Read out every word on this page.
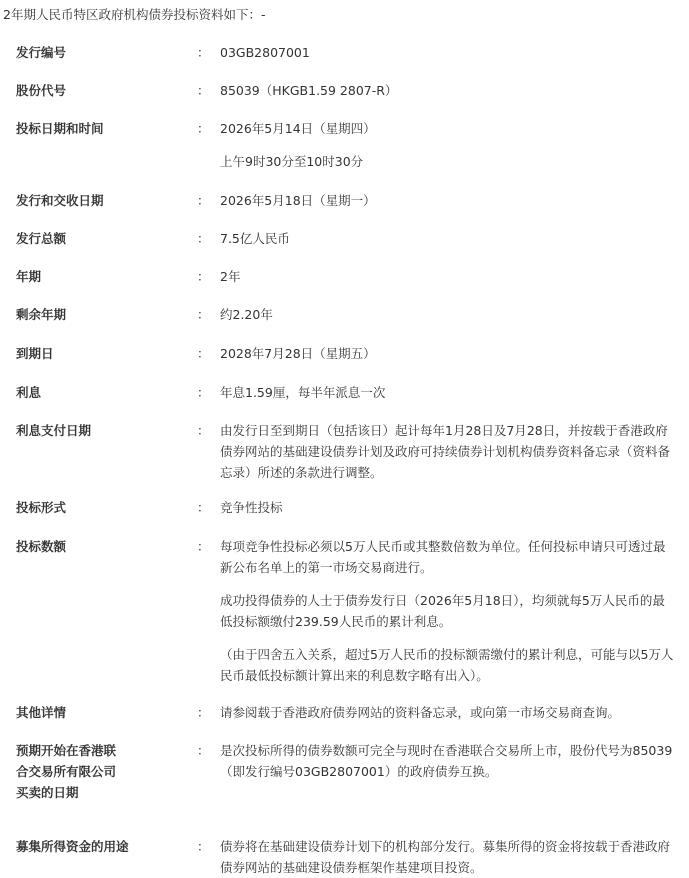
2年期人民币特区政府机构债券投标资料如下：-

发行编号	： 03GB2807001

股份代号	： 85039（HKGB1.59 2807-R）

投标日期和时间	： 2026年5月14日（星期四）

上午9时30分至10时30分

发行和交收日期	： 2026年5月18日（星期一）

发行总额	： 7.5亿人民币

年期	： 2年

剩余年期	： 约2.20年

到期日	： 2028年7月28日（星期五）

利息	： 年息1.59厘，每半年派息一次

利息支付日期	： 由发行日至到期日（包括该日）起计每年1月28日及7月28日，并按载于香港政府债券网站的基础建设债券计划及政府可持续债券计划机构债券资料备忘录（资料备忘录）所述的条款进行调整。

投标形式	： 竞争性投标

投标数额	： 每项竞争性投标必须以5万人民币或其整数倍数为单位。任何投标申请只可透过最新公布名单上的第一市场交易商进行。

成功投得债券的人士于债券发行日（2026年5月18日），均须就每5万人民币的最低投标额缴付239.59人民币的累计利息。

（由于四舍五入关系，超过5万人民币的投标额需缴付的累计利息，可能与以5万人民币最低投标额计算出来的利息数字略有出入）。

其他详情	： 请参阅载于香港政府债券网站的资料备忘录，或向第一市场交易商查询。

预期开始在香港联合交易所有限公司买卖的日期
： 是次投标所得的债券数额可完全与现时在香港联合交易所上市，股份代号为85039（即发行编号03GB2807001）的政府债券互换。

募集所得资金的用途	： 债券将在基础建设债券计划下的机构部分发行。募集所得的资金将按载于香港政府债券网站的基础建设债券框架作基建项目投资。
